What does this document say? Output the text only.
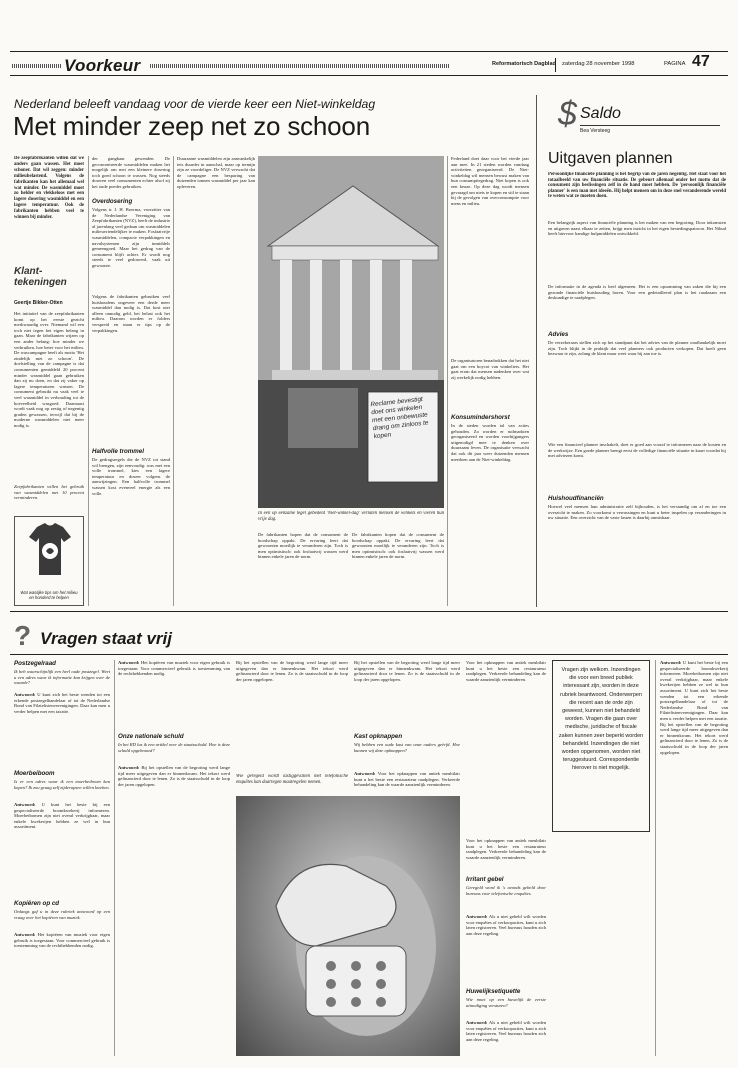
Voorkeur	Reformatorisch Dagblad zaterdag 28 november 1998	PAGINA 47
Nederland beleeft vandaag voor de vierde keer een Niet-winkeldag
Met minder zeep net zo schoon
De zeepfabrikanten willen dat we anders gaan wassen. Het moet schoner. Dat wil zeggen: minder milieubelastend. Volgens de fabrikanten kan het allemaal wel wat minder. De wasmiddel moet zo helder en vlekkeloos met een lagere dosering wasmiddel en een lagere temperatuur. Ook de fabrikanten hebben veel te winnen bij minder.
Klant-tekeningen
Geertje Bikker-Otten
Het initiatief van de zeepfabrikanten komt op het eerste gezicht merkwaardig over. Niemand wil een toch niet tegen het eigen belang in gaan. Maar de fabrikanten wijzen op een ander belang: hoe minder we verbruiken, hoe beter voor het milieu. De wascampagne heeft als motto 'Het zindelijk met zo schoon'. De doelstelling van de campagne is dat consumenten gemiddeld 20 procent minder wasmiddel gaan gebruiken dan zij nu doen, en dat zij vaker op lagere temperaturen wassen. De consument gebruikt nu vaak veel te veel wasmiddel in verhouding tot de hoeveelheid wasgoed. Daarnaast wordt vaak nog op zestig of negentig graden gewassen, terwijl dat bij de moderne wasmiddelen niet meer nodig is.
Zeepfabrikanten willen het gebruik van wasmiddelen met 10 procent verminderen.
Wat wastijke tips om het milieu en honderd te helpen
der gangbaar gewenden. De geconcentreerde wasmiddelen maken het mogelijk om met een kleinere dosering toch goed schoon te wassen. Nog steeds doseren veel consumenten echter alsof zij het oude poeder gebruiken.
Overdosering
Volgens ir. J. H. Boerma, voorzitter van de Nederlandse Vereniging van Zeepfabrikanten (NVZ), heeft de industrie al jarenlang veel gedaan om wasmiddelen milieuvriendelijker te maken. Fosfaatvrije wasmiddelen, compacte verpakkingen en navulsystemen zijn inmiddels gemeengoed. Maar het gedrag van de consument blijft achter. Er wordt nog steeds te veel gedoseerd, vaak uit gewoonte.
Volgens de fabrikanten gebruiken veel huishoudens ongeveer een derde meer wasmiddel dan nodig is. Dat kost niet alleen onnodig geld, het belast ook het milieu. Daarom worden er folders verspreid en staan er tips op de verpakkingen.
Halfvolle trommel
De gedragsregels die de NVZ tot stand wil brengen, zijn eenvoudig: was met een volle trommel, kies een lagere temperatuur en doseer volgens de aanwijzingen. Een halfvolle trommel wassen kost evenveel energie als een volle.
Duurzame wasmiddelen zijn aanvankelijk iets duurder in aanschaf, maar op termijn zijn ze voordeliger. De NVZ verwacht dat de campagne een besparing van duizenden tonnen wasmiddel per jaar kan opleveren.
Reclame bevestigt doet ons winkelen met een onbewuste drang om zinloos te kopen
In een op eenzame tegel gebedeld 'Niet-winkel-dag' verlaten mensen de winkels en vieren hun vrije dag.
De fabrikanten hopen dat de consument de boodschap oppakt. De ervaring leert dat gewoonten moeilijk te veranderen zijn. Toch is men optimistisch: ook fosfaatvrij wassen werd binnen enkele jaren de norm.
De fabrikanten hopen dat de consument de boodschap oppakt. De ervaring leert dat gewoonten moeilijk te veranderen zijn. Toch is men optimistisch: ook fosfaatvrij wassen werd binnen enkele jaren de norm.
Federland doet daar voor het vierde jaar aan mee. In 21 steden worden vandaag activiteiten georganiseerd. De Niet-winkeldag wil mensen bewust maken van hun consumptiegedrag. Niet kopen is ook een keuze. Op deze dag wordt mensen gevraagd om niets te kopen en stil te staan bij de gevolgen van overconsumptie voor mens en milieu.
De organisatoren benadrukken dat het niet gaat om een boycot van winkeliers. Het gaat erom dat mensen nadenken over wat zij werkelijk nodig hebben.
Konsumindershorst
In de steden worden tal van acties gehouden. Zo worden er ruilmarkten georganiseerd en worden voorbijgangers uitgenodigd mee te denken over duurzaam leven. De organisatie verwacht dat ook dit jaar weer duizenden mensen meedoen aan de Niet-winkeldag.
$ Saldo
Bea Versteeg
Uitgaven plannen
Persoonlijke financiële planning is het begrip van de jaren negentig. Het staat voor het totaalbeeld van uw financiële situatie. De gebeurt allemaal onder het motto dat de consument zijn beslissingen zelf in de hand moet hebben. De 'persoonlijk financiële planner' is een man met ideeën. Hij helpt mensen om in deze snel veranderende wereld te weten wat ze moeten doen.
Een belangrijk aspect van financiële planning is het maken van een begroting. Door inkomsten en uitgaven naast elkaar te zetten, krijgt men inzicht in het eigen bestedingspatroon. Het Nibud heeft hiervoor handige hulpmiddelen ontwikkeld.
De informatie in de agenda is heel algemeen. Het is een opsomming van zaken die bij een gezonde financiële huishouding horen. Voor een gedetailleerd plan is het raadzaam een deskundige te raadplegen.
Advies
De verzekeraars stellen zich op het standpunt dat het advies van de planner onafhankelijk moet zijn. Toch blijkt in de praktijk dat veel planners ook producten verkopen. Dat hoeft geen bezwaar te zijn, zolang de klant maar weet waar hij aan toe is.
Wie een financieel planner inschakelt, doet er goed aan vooraf te informeren naar de kosten en de werkwijze. Een goede planner brengt eerst de volledige financiële situatie in kaart voordat hij met adviezen komt.
Huishoudfinanciën
Hoewel veel mensen hun administratie zelf bijhouden, is het verstandig om af en toe een overzicht te maken. Zo voorkomt u verrassingen en kunt u beter inspelen op veranderingen in uw situatie. Een overzicht van de vaste lasten is daarbij onmisbaar.
? Vragen staat vrij
Postzegelraad
Ik heb waarschijnlijk een heel oude postzegel. Weet u een adres waar ik informatie kan krijgen over de waarde?
Antwoord: U kunt zich het beste wenden tot een erkende postzegelhandelaar of tot de Nederlandse Bond van Filatelistenverenigingen. Daar kan men u verder helpen met een taxatie.
Moerbeiboom
Is er een adres waar ik een moerbeiboom kan kopen? Ik zou graag zelf zijderupsen willen kweken.
Antwoord: U kunt het beste bij een gespecialiseerde boomkwekerij informeren. Moerbeibomen zijn niet overal verkrijgbaar, maar enkele kwekerijen hebben ze wel in hun assortiment.
Kopiëren op cd
Onlangs gaf u in deze rubriek antwoord op een vraag over het kopiëren van muziek.
Antwoord: Het kopiëren van muziek voor eigen gebruik is toegestaan. Voor commercieel gebruik is toestemming van de rechthebbenden nodig.
Antwoord: Het kopiëren van muziek voor eigen gebruik is toegestaan. Voor commercieel gebruik is toestemming van de rechthebbenden nodig.
Onze nationale schuld
In het RD las ik een artikel over de staatsschuld. Hoe is deze schuld opgebouwd?
Antwoord: Bij het opstellen van de begroting werd lange tijd meer uitgegeven dan er binnenkwam. Het tekort werd gefinancierd door te lenen. Zo is de staatsschuld in de loop der jaren opgelopen.
Bij het opstellen van de begroting werd lange tijd meer uitgegeven dan er binnenkwam. Het tekort werd gefinancierd door te lenen. Zo is de staatsschuld in de loop der jaren opgelopen.
Wie geregeld wordt lastiggevallen met telefonische enquêtes kan daartegen maatregelen nemen.
Bij het opstellen van de begroting werd lange tijd meer uitgegeven dan er binnenkwam. Het tekort werd gefinancierd door te lenen. Zo is de staatsschuld in de loop der jaren opgelopen.
Kast opknappen
Wij hebben een oude kast van onze ouders geërfd. Hoe kunnen wij deze opknappen?
Antwoord: Voor het opknappen van antiek meubilair kunt u het beste een restaurateur raadplegen. Verkeerde behandeling kan de waarde aanzienlijk verminderen.
Voor het opknappen van antiek meubilair kunt u het beste een restaurateur raadplegen. Verkeerde behandeling kan de waarde aanzienlijk verminderen.
Vragen zijn welkom. Inzendingen die voor een breed publiek interessant zijn, worden in deze rubriek beantwoord. Onderwerpen die recent aan de orde zijn geweest, kunnen niet behandeld worden. Vragen die gaan over medische, juridische of fiscale zaken kunnen zeer beperkt worden behandeld. Inzendingen die niet worden opgenomen, worden niet teruggestuurd. Correspondentie hierover is niet mogelijk.
Voor het opknappen van antiek meubilair kunt u het beste een restaurateur raadplegen. Verkeerde behandeling kan de waarde aanzienlijk verminderen.
Irritant gebel
Geregeld word ik 's avonds gebeld door bureaus voor telefonische enquêtes.
Antwoord: Als u niet gebeld wilt worden voor enquêtes of verkoopacties, kunt u zich laten registreren. Veel bureaus houden zich aan deze regeling.
Huwelijksetiquette
Wie moet op een huwelijk de eerste uitnodiging versturen?
Antwoord: Als u niet gebeld wilt worden voor enquêtes of verkoopacties, kunt u zich laten registreren. Veel bureaus houden zich aan deze regeling.
Antwoord: U kunt het beste bij een gespecialiseerde boomkwekerij informeren. Moerbeibomen zijn niet overal verkrijgbaar, maar enkele kwekerijen hebben ze wel in hun assortiment. U kunt zich het beste wenden tot een erkende postzegelhandelaar of tot de Nederlandse Bond van Filatelistenverenigingen. Daar kan men u verder helpen met een taxatie. Bij het opstellen van de begroting werd lange tijd meer uitgegeven dan er binnenkwam. Het tekort werd gefinancierd door te lenen. Zo is de staatsschuld in de loop der jaren opgelopen.
